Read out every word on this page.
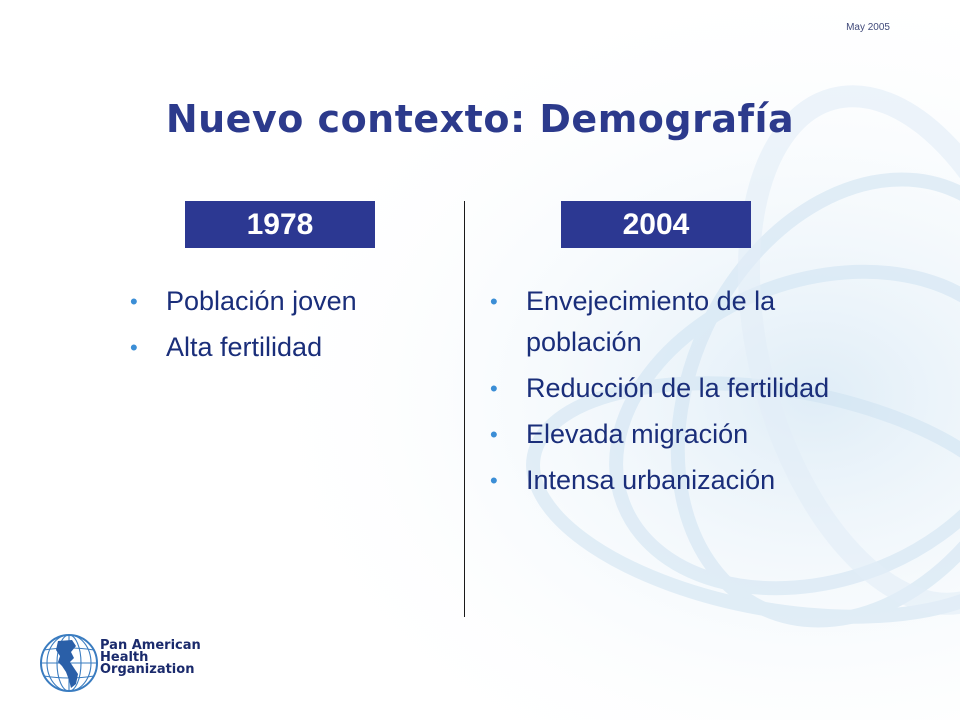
May 2005
Nuevo contexto: Demografía
1978	2004
• Población joven
• Alta fertilidad
• Envejecimiento de la población
• Reducción de la fertilidad
• Elevada migración
• Intensa urbanización
Pan American
Health
Organization
